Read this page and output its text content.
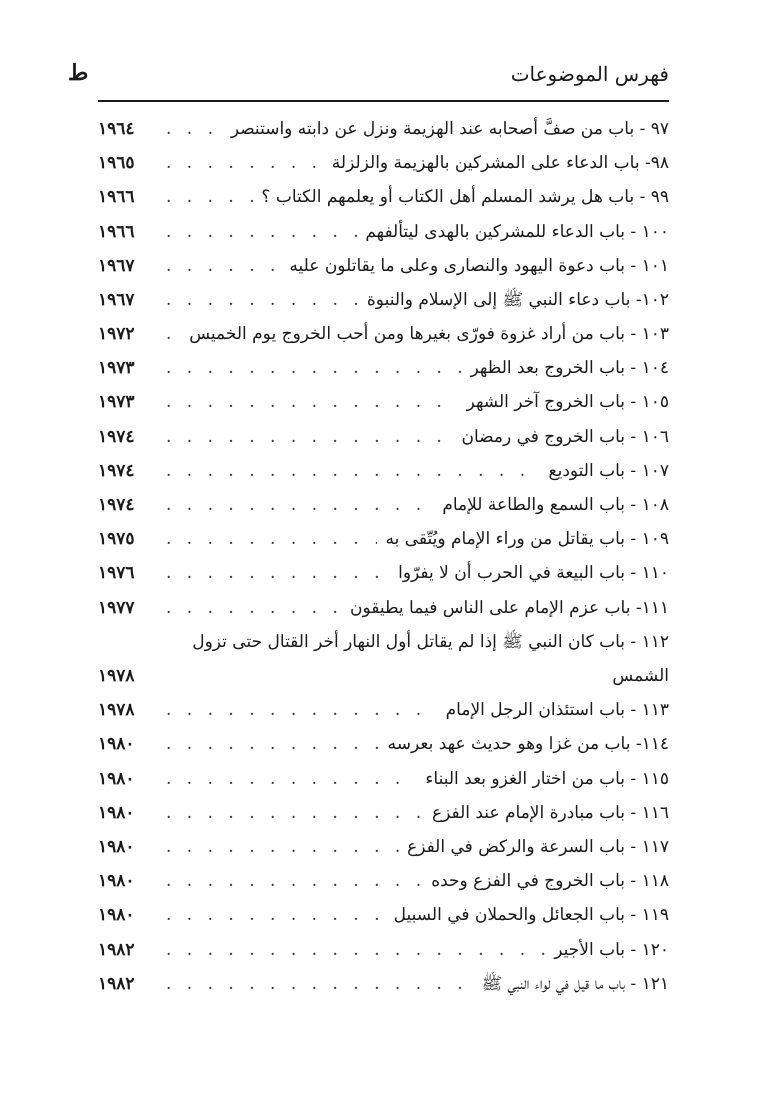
فهرس الموضوعات
ط
٩٧ - باب من صفَّ أصحابه عند الهزيمة ونزل عن دابته واستنصر
. . .
١٩٦٤
٩٨- باب الدعاء على المشركين بالهزيمة والزلزلة
. . .
١٩٦٥
٩٩ - باب هل يرشد المسلم أهل الكتاب أو يعلمهم الكتاب ؟
. . .
١٩٦٦
١٠٠ - باب الدعاء للمشركين بالهدى ليتألفهم
. . .
١٩٦٦
١٠١ - باب دعوة اليهود والنصارى وعلى ما يقاتلون عليه
. . .
١٩٦٧
١٠٢- باب دعاء النبي ﷺ إلى الإسلام والنبوة
. . .
١٩٦٧
١٠٣ - باب من أراد غزوة فورّى بغيرها ومن أحب الخروج يوم الخميس
. . .
١٩٧٢
١٠٤ - باب الخروج بعد الظهر
. . .
١٩٧٣
١٠٥ - باب الخروج آخر الشهر
. . .
١٩٧٣
١٠٦ - باب الخروج في رمضان
. . .
١٩٧٤
١٠٧ - باب التوديع
. . .
١٩٧٤
١٠٨ - باب السمع والطاعة للإمام
. . .
١٩٧٤
١٠٩ - باب يقاتل من وراء الإمام ويُتّقى به
. . .
١٩٧٥
١١٠ - باب البيعة في الحرب أن لا يفرّوا
. . .
١٩٧٦
١١١- باب عزم الإمام على الناس فيما يطيقون
. . .
١٩٧٧
١١٢ - باب كان النبي ﷺ إذا لم يقاتل أول النهار أخر القتال حتى تزول
الشمس
١٩٧٨
١١٣ - باب استئذان الرجل الإمام
. . .
١٩٧٨
١١٤- باب من غزا وهو حديث عهد بعرسه
. . .
١٩٨٠
١١٥ - باب من اختار الغزو بعد البناء
. . .
١٩٨٠
١١٦ - باب مبادرة الإمام عند الفزع
. . .
١٩٨٠
١١٧ - باب السرعة والركض في الفزع
. . .
١٩٨٠
١١٨ - باب الخروج في الفزع وحده
. . .
١٩٨٠
١١٩ - باب الجعائل والحملان في السبيل
. . .
١٩٨٠
١٢٠ - باب الأجير
. . .
١٩٨٢
١٢١ - باب ما قيل في لواء النبي ﷺ
. . .
١٩٨٢
